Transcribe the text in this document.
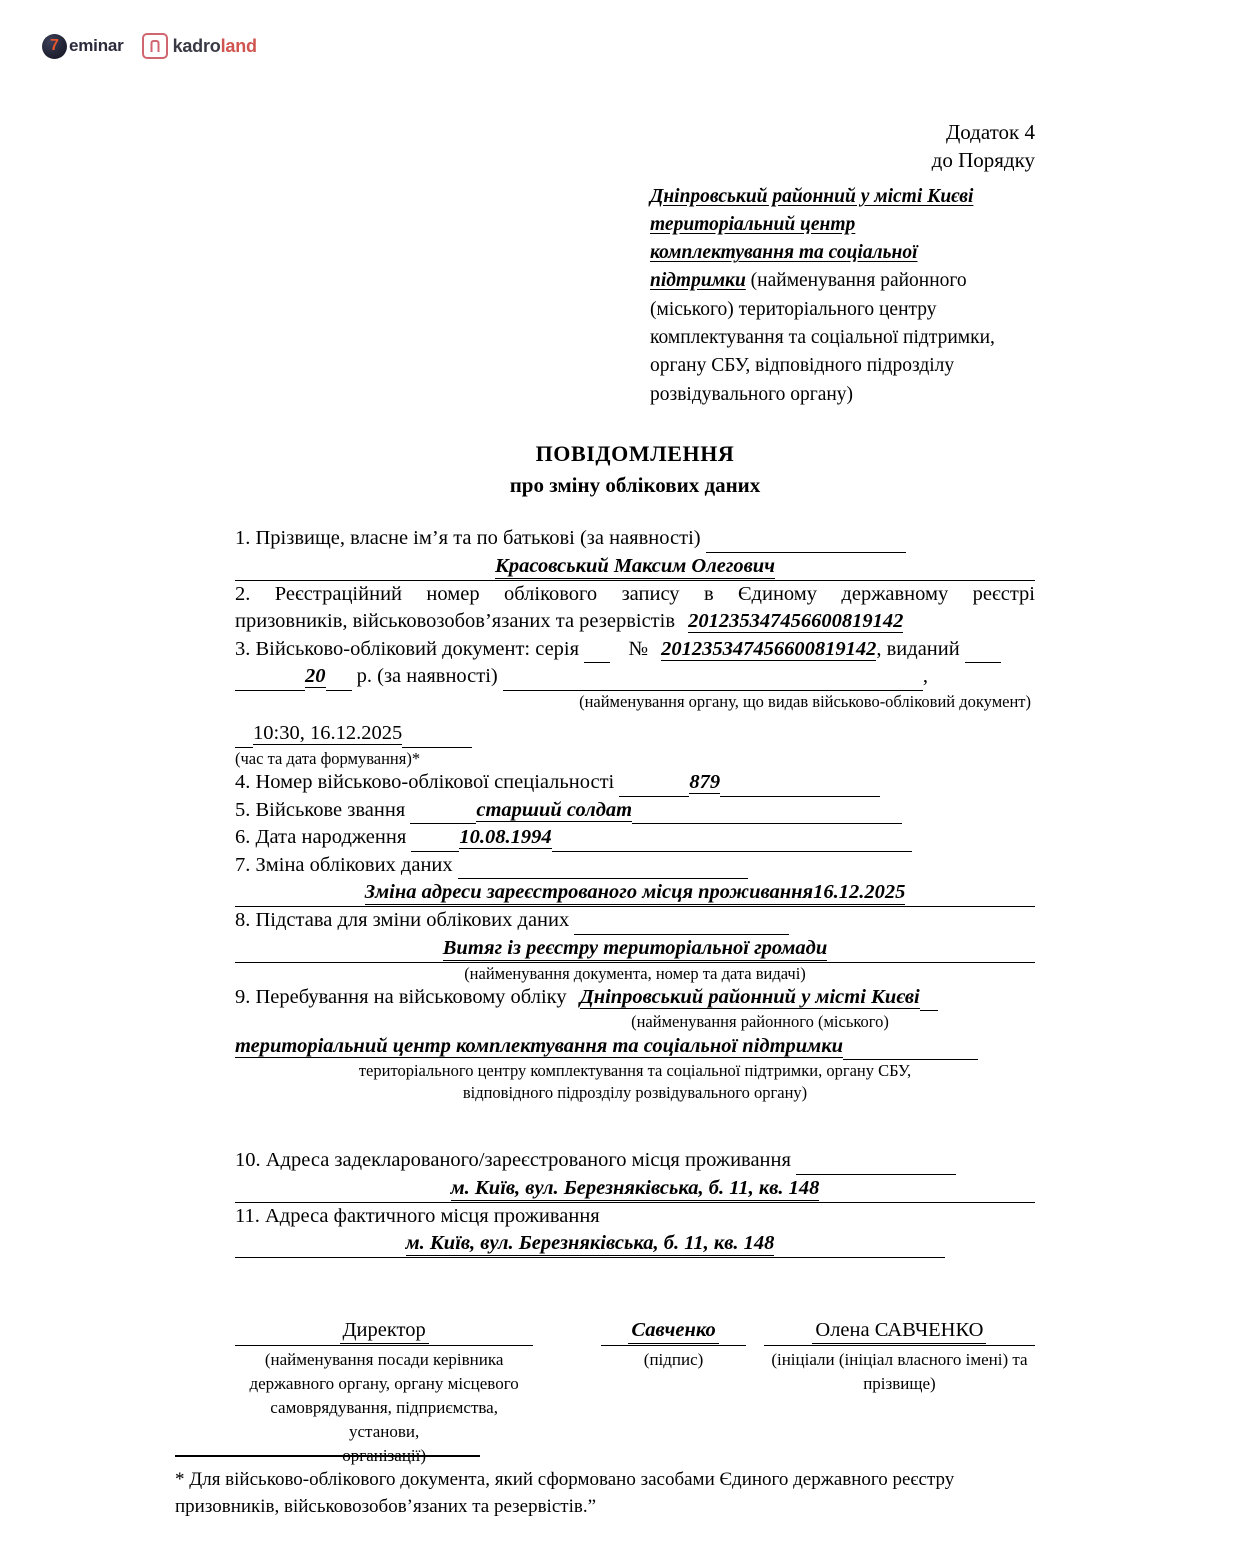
7 eminar	kadroland
Додаток 4
до Порядку
Дніпровський районний у місті Києві
територіальний центр
комплектування та соціальної
підтримки (найменування районного
(міського) територіального центру
комплектування та соціальної підтримки,
органу СБУ, відповідного підрозділу
розвідувального органу)
ПОВІДОМЛЕННЯ
про зміну облікових даних
1. Прізвище, власне ім’я та по батькові (за наявності)
Красовський Максим Олегович
2. Реєстраційний номер облікового запису в Єдиному державному реєстрі
призовників, військовозобов’язаних та резервістів 201235347456600819142
3. Військово-обліковий документ: серія № 201235347456600819142, виданий
20 р. (за наявності)	,
(найменування органу, що видав військово-обліковий документ)
10:30, 16.12.2025
(час та дата формування)*
4. Номер військово-облікової спеціальності	879
5. Військове звання	старший солдат
6. Дата народження	10.08.1994
7. Зміна облікових даних
Зміна адреси зареєстрованого місця проживання16.12.2025
8. Підстава для зміни облікових даних
Витяг із реєстру територіальної громади
(найменування документа, номер та дата видачі)
9. Перебування на військовому обліку Дніпровський районний у місті Києві
(найменування районного (міського)
територіальний центр комплектування та соціальної підтримки
територіального центру комплектування та соціальної підтримки, органу СБУ,
відповідного підрозділу розвідувального органу)
10. Адреса задекларованого/зареєстрованого місця проживання
м. Київ, вул. Березняківська, б. 11, кв. 148
11. Адреса фактичного місця проживання
м. Київ, вул. Березняківська, б. 11, кв. 148
Директор
(найменування посади керівника
державного органу, органу місцевого
самоврядування, підприємства, установи,
організації)
Савченко
(підпис)
Олена САВЧЕНКО
(ініціали (ініціал власного імені) та
прізвище)
* Для військово-облікового документа, який сформовано засобами Єдиного державного реєстру
призовників, військовозобов’язаних та резервістів.”
